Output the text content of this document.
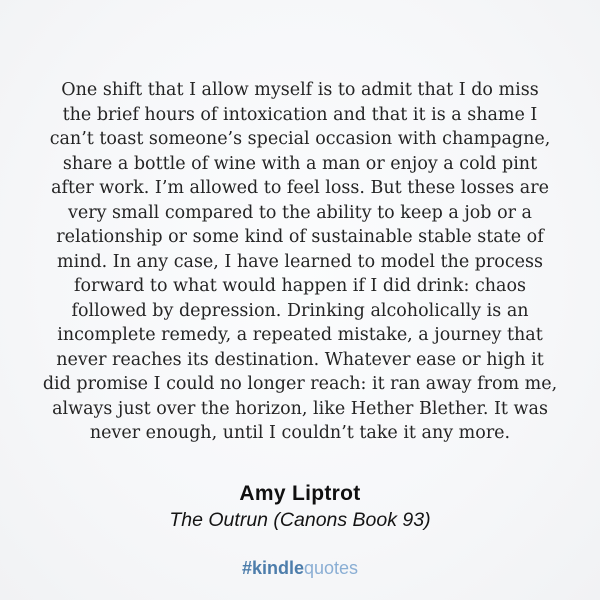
One shift that I allow myself is to admit that I do miss
the brief hours of intoxication and that it is a shame I
can’t toast someone’s special occasion with champagne,
share a bottle of wine with a man or enjoy a cold pint
after work. I’m allowed to feel loss. But these losses are
very small compared to the ability to keep a job or a
relationship or some kind of sustainable stable state of
mind. In any case, I have learned to model the process
forward to what would happen if I did drink: chaos
followed by depression. Drinking alcoholically is an
incomplete remedy, a repeated mistake, a journey that
never reaches its destination. Whatever ease or high it
did promise I could no longer reach: it ran away from me,
always just over the horizon, like Hether Blether. It was
never enough, until I couldn’t take it any more.
Amy Liptrot
The Outrun (Canons Book 93)
#kindlequotes
